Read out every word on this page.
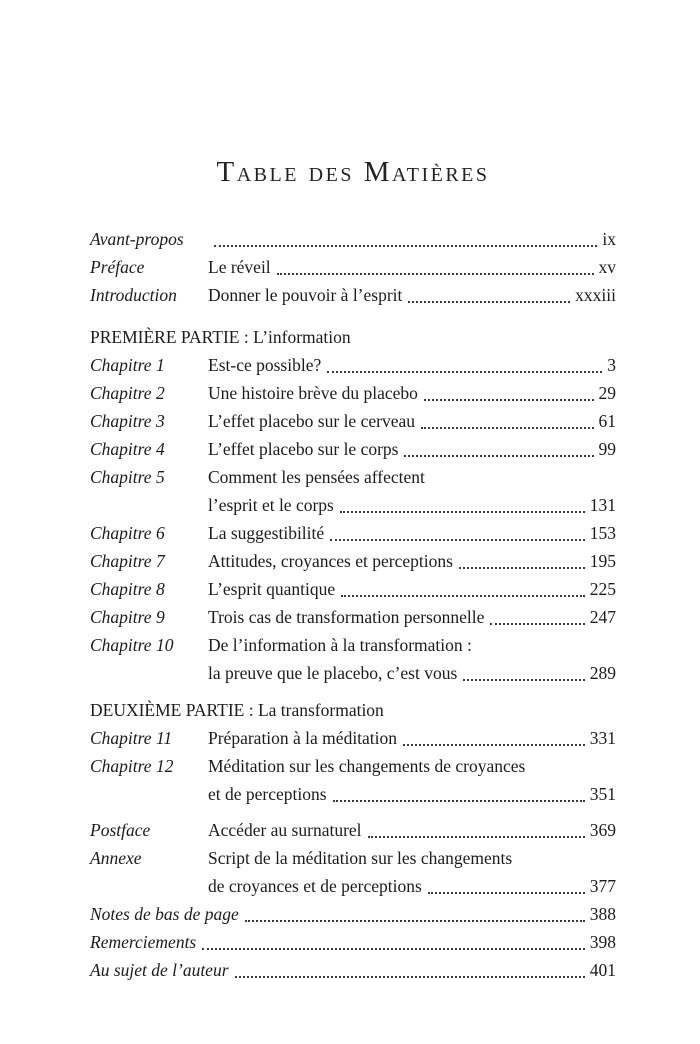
Table des Matières
Avant-propos	ix
Préface	Le réveil	xv
Introduction	Donner le pouvoir à l’esprit	xxxiii
PREMIÈRE PARTIE : L’information
Chapitre 1	Est-ce possible?	3
Chapitre 2	Une histoire brève du placebo	29
Chapitre 3	L’effet placebo sur le cerveau	61
Chapitre 4	L’effet placebo sur le corps	99
Chapitre 5	Comment les pensées affectent
l’esprit et le corps	131
Chapitre 6	La suggestibilité	153
Chapitre 7	Attitudes, croyances et perceptions	195
Chapitre 8	L’esprit quantique	225
Chapitre 9	Trois cas de transformation personnelle	247
Chapitre 10	De l’information à la transformation :
la preuve que le placebo, c’est vous	289
DEUXIÈME PARTIE : La transformation
Chapitre 11	Préparation à la méditation	331
Chapitre 12	Méditation sur les changements de croyances
et de perceptions	351
Postface	Accéder au surnaturel	369
Annexe	Script de la méditation sur les changements
de croyances et de perceptions	377
Notes de bas de page	388
Remerciements	398
Au sujet de l’auteur	401
